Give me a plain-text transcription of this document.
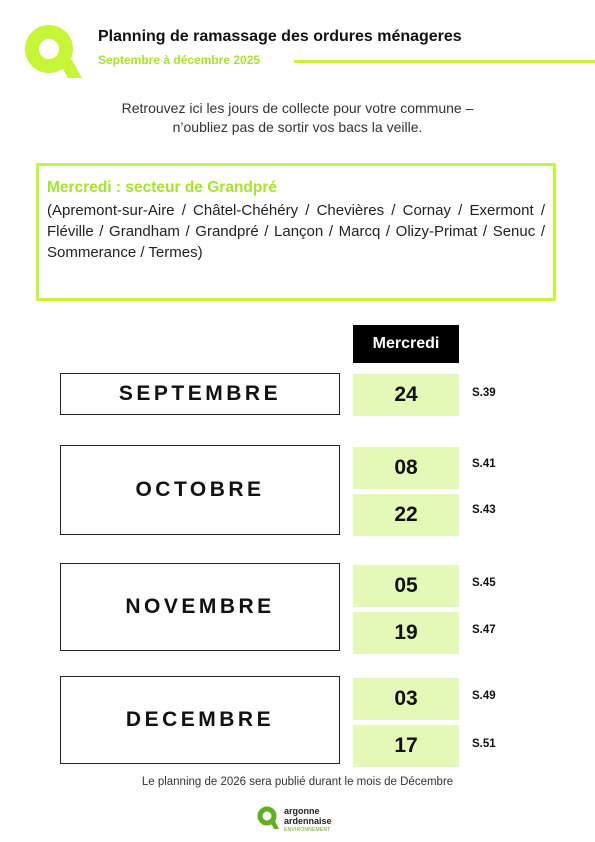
Planning de ramassage des ordures ménageres
Septembre à décembre 2025
Retrouvez ici les jours de collecte pour votre commune –
n’oubliez pas de sortir vos bacs la veille.
Mercredi : secteur de Grandpré
(Apremont-sur-Aire / Châtel-Chéhéry / Chevières / Cornay / Exermont / Fléville / Grandham / Grandpré / Lançon / Marcq / Olizy-Primat / Senuc / Sommerance / Termes)
Mercredi
SEPTEMBRE	24	S.39
OCTOBRE
08	S.41
22	S.43
NOVEMBRE
05	S.45
19	S.47
DECEMBRE
03	S.49
17	S.51
Le planning de 2026 sera publié durant le mois de Décembre
argonne
ardennaise
ENVIRONNEMENT
